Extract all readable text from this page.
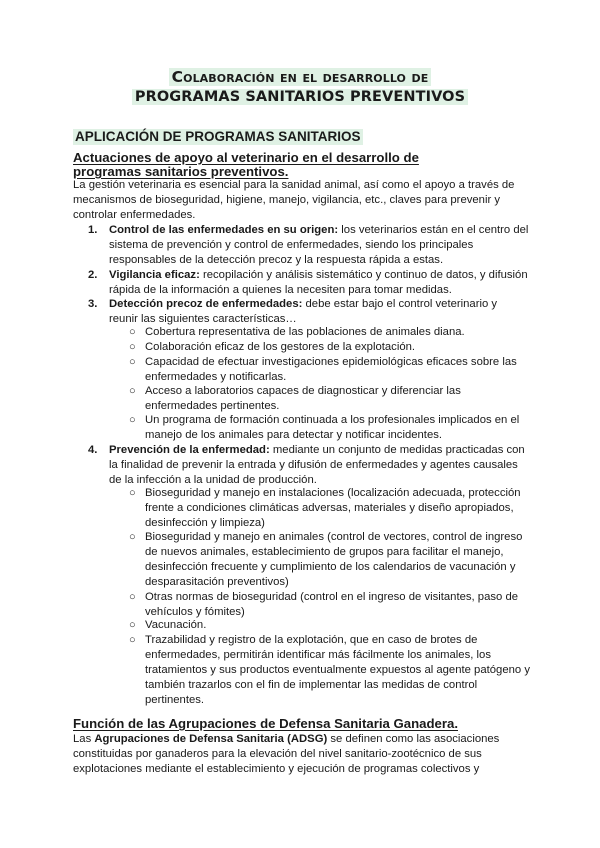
Colaboración en el desarrollo de
PROGRAMAS SANITARIOS PREVENTIVOS
APLICACIÓN DE PROGRAMAS SANITARIOS
Actuaciones de apoyo al veterinario en el desarrollo de
programas sanitarios preventivos.

La gestión veterinaria es esencial para la sanidad animal, así como el apoyo a través de mecanismos de bioseguridad, higiene, manejo, vigilancia, etc., claves para prevenir y controlar enfermedades.

1. Control de las enfermedades en su origen: los veterinarios están en el centro del sistema de prevención y control de enfermedades, siendo los principales responsables de la detección precoz y la respuesta rápida a estas.

2. Vigilancia eficaz: recopilación y análisis sistemático y continuo de datos, y difusión rápida de la información a quienes la necesiten para tomar medidas.

3. Detección precoz de enfermedades: debe estar bajo el control veterinario y reunir las siguientes características…

○ Cobertura representativa de las poblaciones de animales diana.

○ Colaboración eficaz de los gestores de la explotación.

○ Capacidad de efectuar investigaciones epidemiológicas eficaces sobre las enfermedades y notificarlas.

○ Acceso a laboratorios capaces de diagnosticar y diferenciar las enfermedades pertinentes.

○ Un programa de formación continuada a los profesionales implicados en el manejo de los animales para detectar y notificar incidentes.

4. Prevención de la enfermedad: mediante un conjunto de medidas practicadas con la finalidad de prevenir la entrada y difusión de enfermedades y agentes causales de la infección a la unidad de producción.

○ Bioseguridad y manejo en instalaciones (localización adecuada, protección frente a condiciones climáticas adversas, materiales y diseño apropiados, desinfección y limpieza)

○ Bioseguridad y manejo en animales (control de vectores, control de ingreso de nuevos animales, establecimiento de grupos para facilitar el manejo, desinfección frecuente y cumplimiento de los calendarios de vacunación y desparasitación preventivos)

○ Otras normas de bioseguridad (control en el ingreso de visitantes, paso de vehículos y fómites)

○ Vacunación.

○ Trazabilidad y registro de la explotación, que en caso de brotes de enfermedades, permitirán identificar más fácilmente los animales, los tratamientos y sus productos eventualmente expuestos al agente patógeno y también trazarlos con el fin de implementar las medidas de control pertinentes.

Función de las Agrupaciones de Defensa Sanitaria Ganadera.

Las Agrupaciones de Defensa Sanitaria (ADSG) se definen como las asociaciones constituidas por ganaderos para la elevación del nivel sanitario-zootécnico de sus explotaciones mediante el establecimiento y ejecución de programas colectivos y
